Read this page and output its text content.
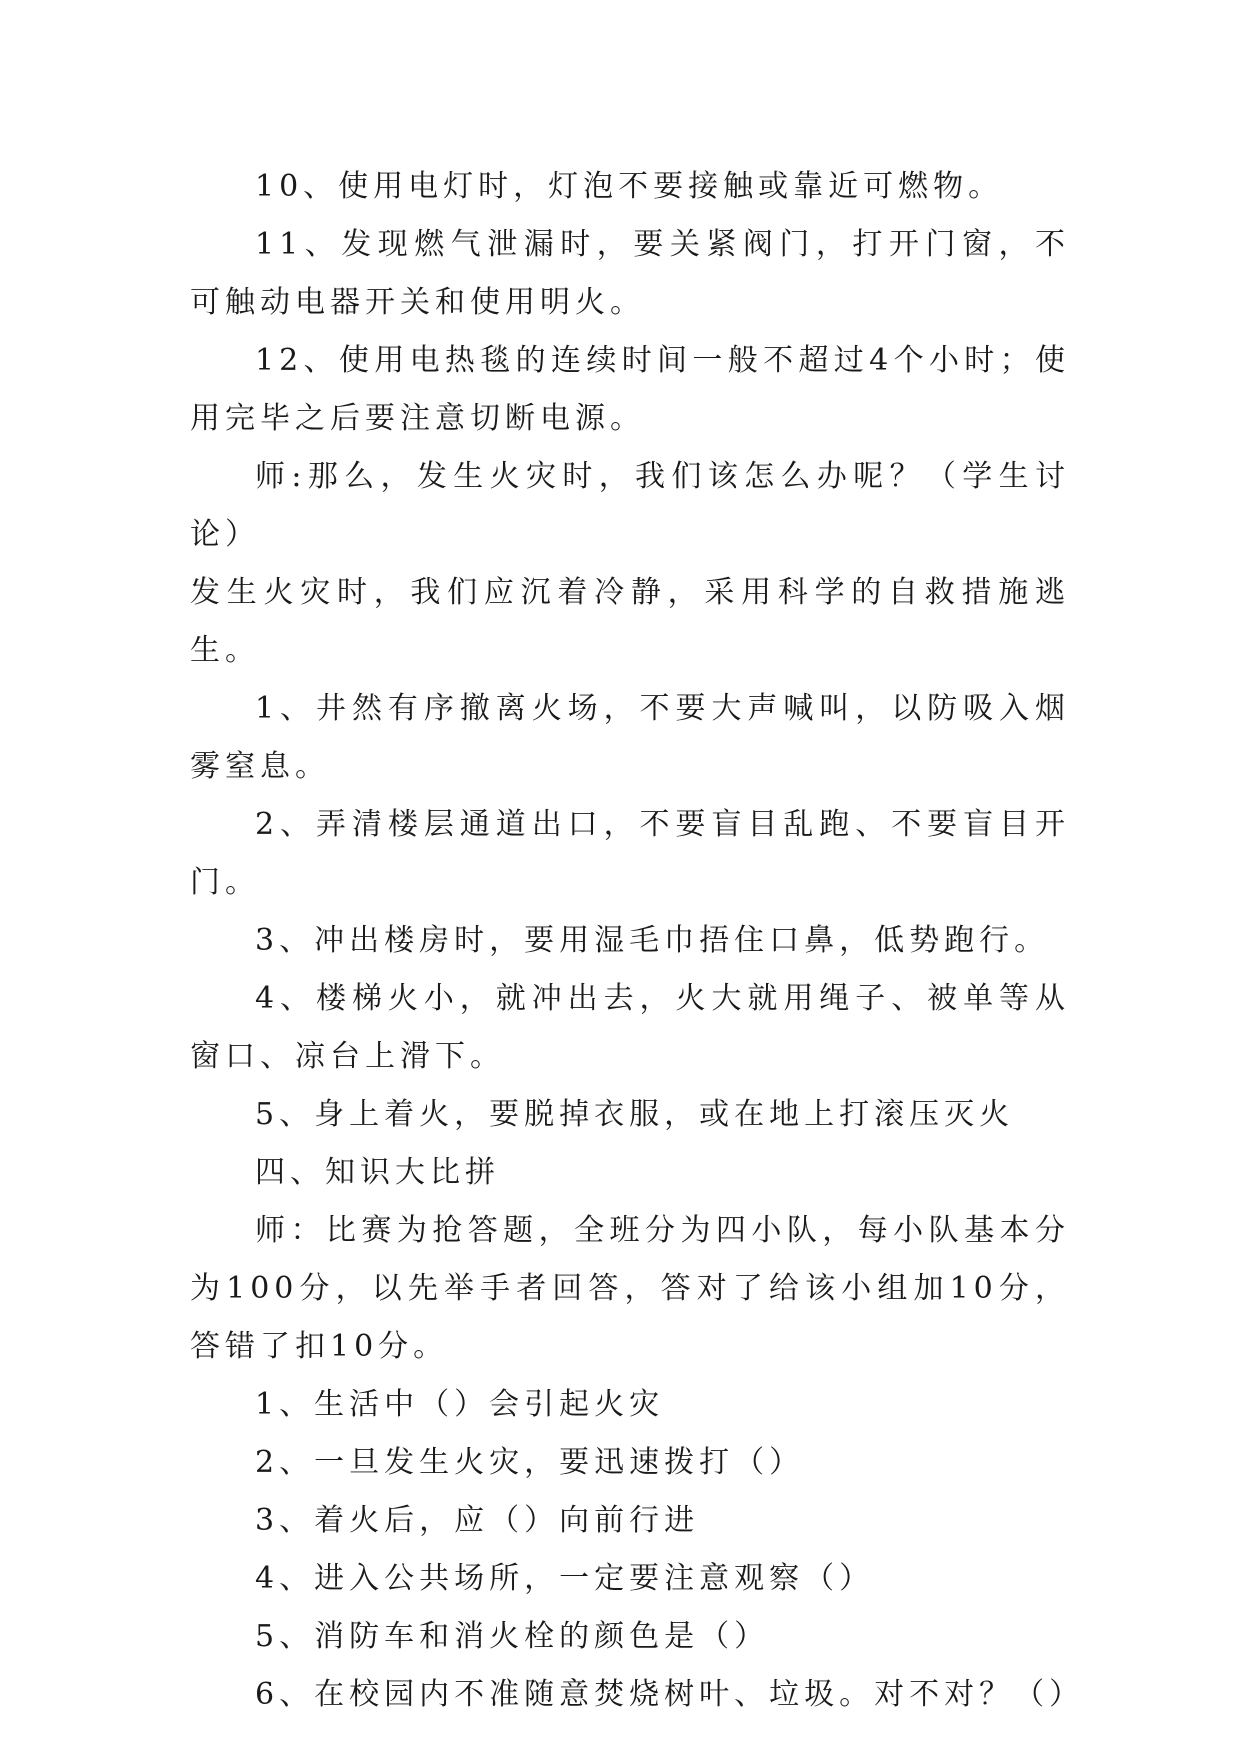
10、使用电灯时，灯泡不要接触或靠近可燃物。

11、发现燃气泄漏时，要关紧阀门，打开门窗，不可触动电器开关和使用明火。

12、使用电热毯的连续时间一般不超过4个小时；使用完毕之后要注意切断电源。

师:那么，发生火灾时，我们该怎么办呢？（学生讨论）

发生火灾时，我们应沉着冷静，采用科学的自救措施逃生。

1、井然有序撤离火场，不要大声喊叫，以防吸入烟雾窒息。

2、弄清楼层通道出口，不要盲目乱跑、不要盲目开门。

3、冲出楼房时，要用湿毛巾捂住口鼻，低势跑行。

4、楼梯火小，就冲出去，火大就用绳子、被单等从窗口、凉台上滑下。

5、身上着火，要脱掉衣服，或在地上打滚压灭火

四、知识大比拼

师：比赛为抢答题，全班分为四小队，每小队基本分为100分，以先举手者回答，答对了给该小组加10分，答错了扣10分。

1、生活中（）会引起火灾

2、一旦发生火灾，要迅速拨打（）

3、着火后，应（）向前行进

4、进入公共场所，一定要注意观察（）

5、消防车和消火栓的颜色是（）

6、在校园内不准随意焚烧树叶、垃圾。对不对？（）
